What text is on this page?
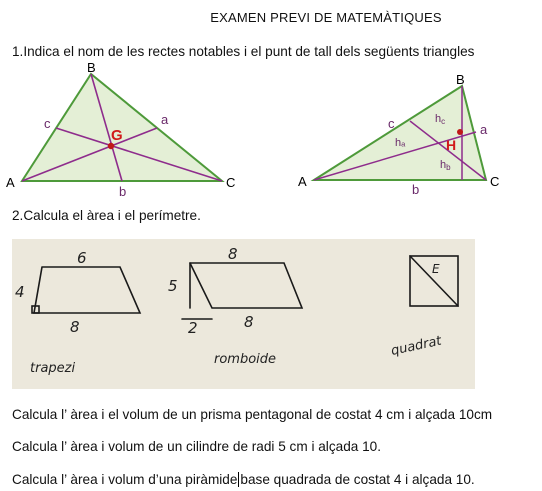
EXAMEN PREVI DE MATEMÀTIQUES
1.Indica el nom de les rectes notables i el punt de tall dels següents triangles
A
B
C
a
b
c
G
A
B
C
a
b
c
H
hₐ
hb
hc
2.Calcula el àrea i el perímetre.
6
4
8
trapezi
8
5
2	8
romboide
E
quadrat
Calcula l’ àrea i el volum de un prisma pentagonal de costat 4 cm i alçada 10cm
Calcula l’ àrea i volum de un cilindre de radi 5 cm i alçada 10.
Calcula l’ àrea i volum d’una piràmide base quadrada de costat 4 i alçada 10.
